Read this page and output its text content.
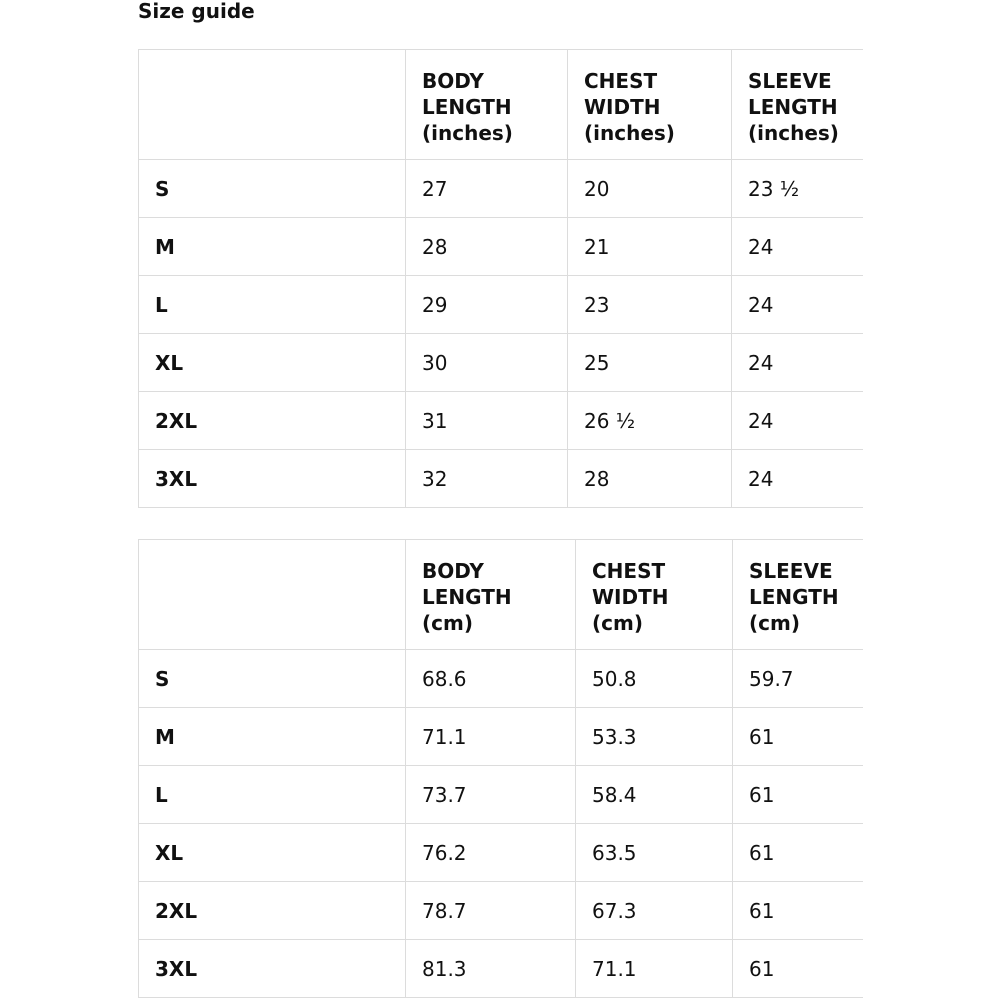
Size guide

	BODY
LENGTH
(inches)	CHEST
WIDTH
(inches)	SLEEVE
LENGTH
(inches)

S	27	20	23 ½
M	28	21	24
L	29	23	24
XL	30	25	24
2XL	31	26 ½	24
3XL	32	28	24

	BODY
LENGTH
(cm)	CHEST
WIDTH
(cm)	SLEEVE
LENGTH
(cm)

S	68.6	50.8	59.7
M	71.1	53.3	61
L	73.7	58.4	61
XL	76.2	63.5	61
2XL	78.7	67.3	61
3XL	81.3	71.1	61
